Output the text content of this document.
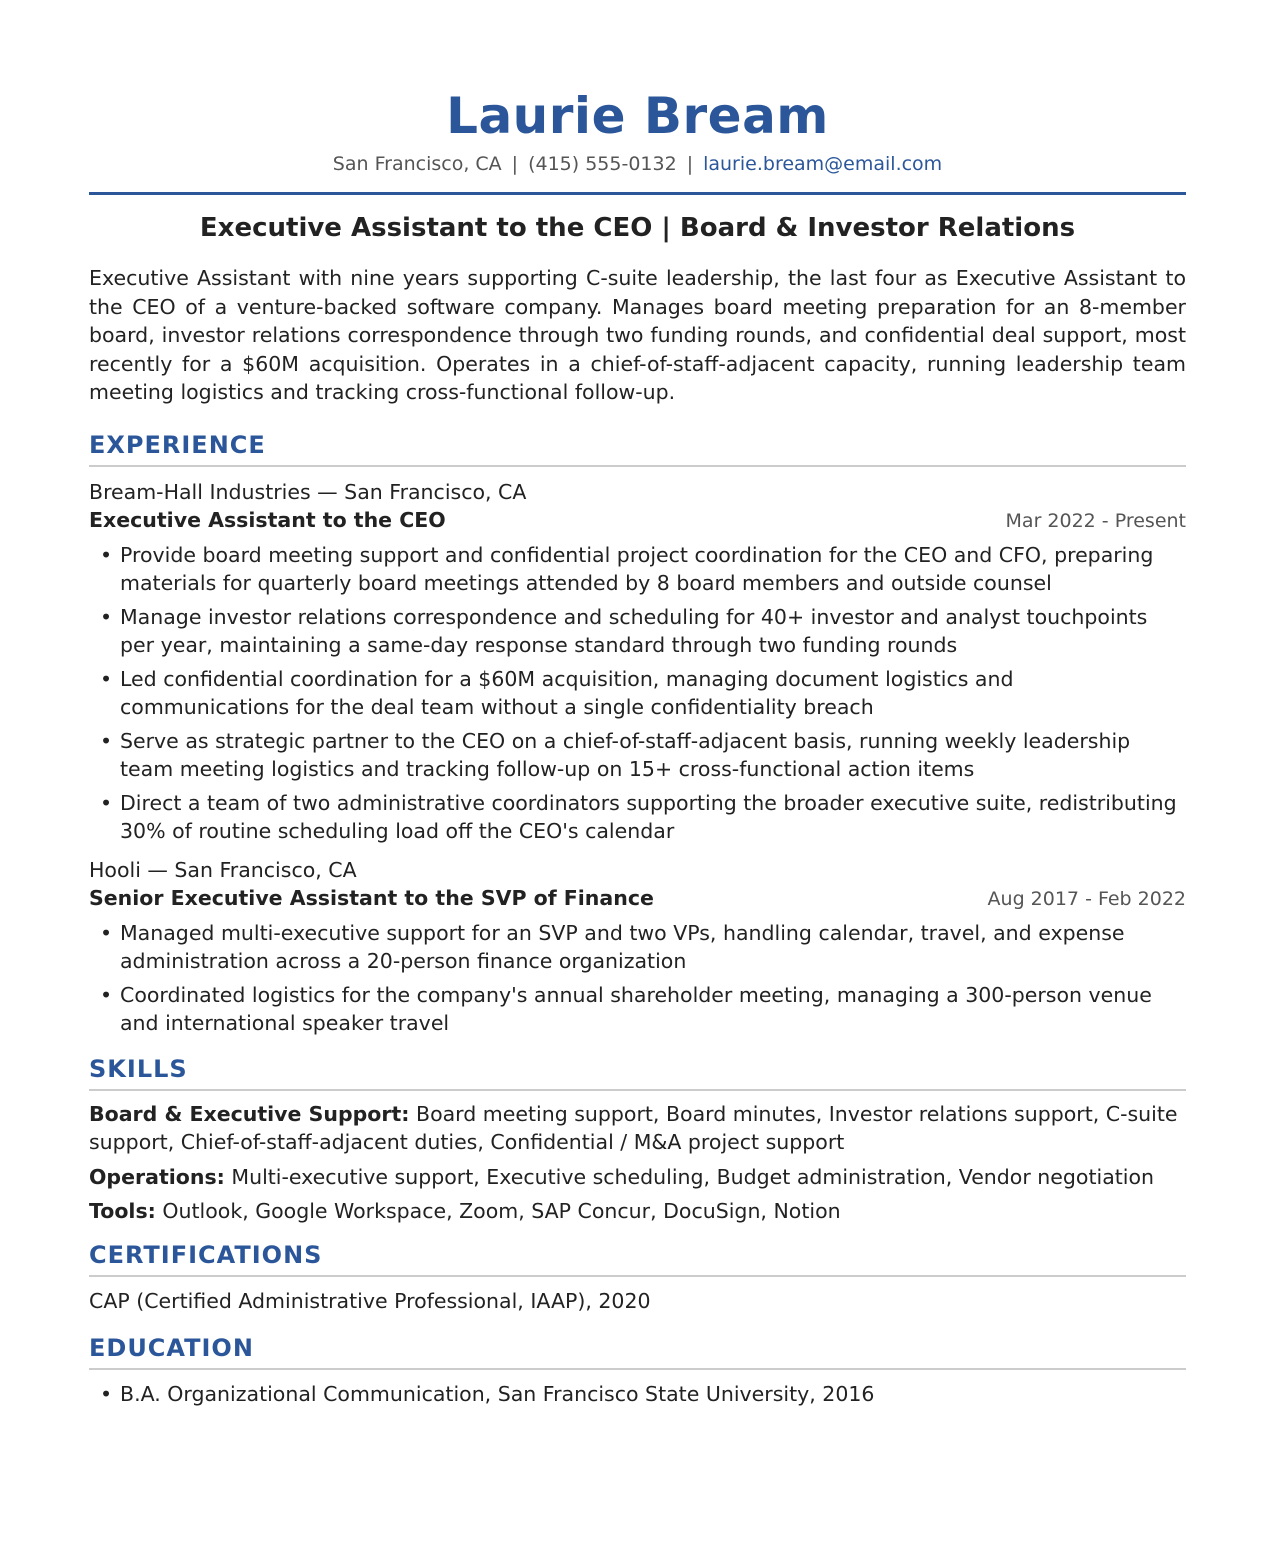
Laurie Bream
San Francisco, CA | (415) 555-0132 | laurie.bream@email.com
Executive Assistant to the CEO | Board & Investor Relations
Executive Assistant with nine years supporting C-suite leadership, the last four as Executive Assistant to the CEO of a venture-backed software company. Manages board meeting preparation for an 8-member board, investor relations correspondence through two funding rounds, and confidential deal support, most recently for a $60M acquisition. Operates in a chief-of-staff-adjacent capacity, running leadership team meeting logistics and tracking cross-functional follow-up.
EXPERIENCE
Bream-Hall Industries — San Francisco, CA
Executive Assistant to the CEO	Mar 2022 - Present
• Provide board meeting support and confidential project coordination for the CEO and CFO, preparing materials for quarterly board meetings attended by 8 board members and outside counsel
• Manage investor relations correspondence and scheduling for 40+ investor and analyst touchpoints per year, maintaining a same-day response standard through two funding rounds
• Led confidential coordination for a $60M acquisition, managing document logistics and communications for the deal team without a single confidentiality breach
• Serve as strategic partner to the CEO on a chief-of-staff-adjacent basis, running weekly leadership team meeting logistics and tracking follow-up on 15+ cross-functional action items
• Direct a team of two administrative coordinators supporting the broader executive suite, redistributing 30% of routine scheduling load off the CEO's calendar
Hooli — San Francisco, CA
Senior Executive Assistant to the SVP of Finance	Aug 2017 - Feb 2022
• Managed multi-executive support for an SVP and two VPs, handling calendar, travel, and expense administration across a 20-person finance organization
• Coordinated logistics for the company's annual shareholder meeting, managing a 300-person venue and international speaker travel
SKILLS
Board & Executive Support: Board meeting support, Board minutes, Investor relations support, C-suite support, Chief-of-staff-adjacent duties, Confidential / M&A project support
Operations: Multi-executive support, Executive scheduling, Budget administration, Vendor negotiation
Tools: Outlook, Google Workspace, Zoom, SAP Concur, DocuSign, Notion
CERTIFICATIONS
CAP (Certified Administrative Professional, IAAP), 2020
EDUCATION
• B.A. Organizational Communication, San Francisco State University, 2016
